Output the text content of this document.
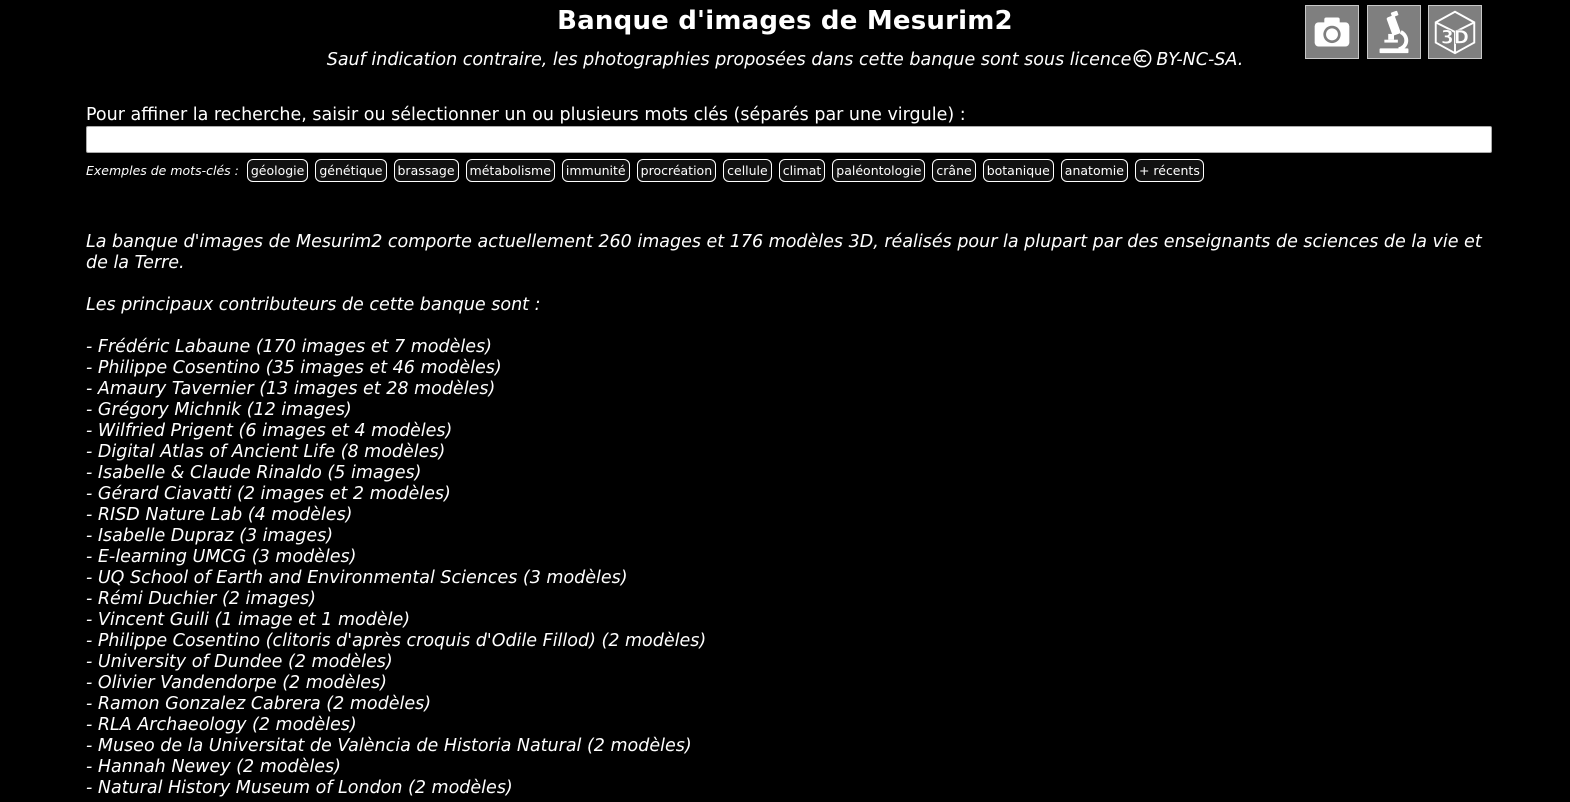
Banque d'images de Mesurim2
Sauf indication contraire, les photographies proposées dans cette banque sont sous licence BY-NC-SA.
3D
Pour affiner la recherche, saisir ou sélectionner un ou plusieurs mots clés (séparés par une virgule) :
Exemples de mots-clés : géologie	génétique	brassage	métabolisme	immunité	procréation	cellule	climat	paléontologie	crâne	botanique	anatomie	+ récents

La banque d'images de Mesurim2 comporte actuellement 260 images et 176 modèles 3D, réalisés pour la plupart par des enseignants de sciences de la vie et de la Terre.

Les principaux contributeurs de cette banque sont :

- Frédéric Labaune (170 images et 7 modèles)
- Philippe Cosentino (35 images et 46 modèles)
- Amaury Tavernier (13 images et 28 modèles)
- Grégory Michnik (12 images)
- Wilfried Prigent (6 images et 4 modèles)
- Digital Atlas of Ancient Life (8 modèles)
- Isabelle & Claude Rinaldo (5 images)
- Gérard Ciavatti (2 images et 2 modèles)
- RISD Nature Lab (4 modèles)
- Isabelle Dupraz (3 images)
- E-learning UMCG (3 modèles)
- UQ School of Earth and Environmental Sciences (3 modèles)
- Rémi Duchier (2 images)
- Vincent Guili (1 image et 1 modèle)
- Philippe Cosentino (clitoris d'après croquis d'Odile Fillod) (2 modèles)
- University of Dundee (2 modèles)
- Olivier Vandendorpe (2 modèles)
- Ramon Gonzalez Cabrera (2 modèles)
- RLA Archaeology (2 modèles)
- Museo de la Universitat de València de Historia Natural (2 modèles)
- Hannah Newey (2 modèles)
- Natural History Museum of London (2 modèles)
